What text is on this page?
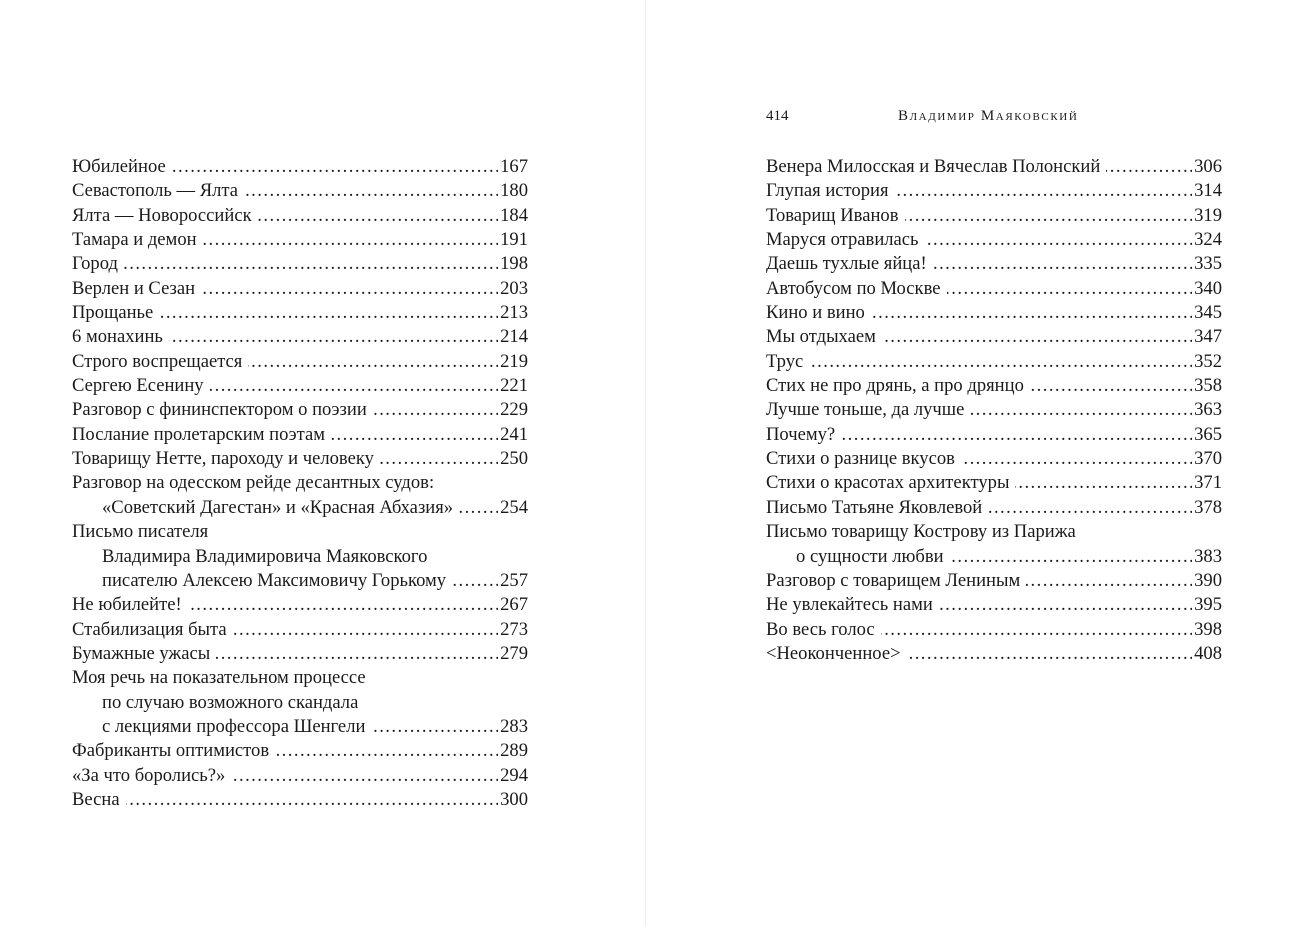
414	Владимир Маяковский
Юбилейное . . .	167
Севастополь — Ялта . . .	180
Ялта — Новороссийск . . .	184
Тамара и демон . . .	191
Город . . .	198
Верлен и Сезан . . .	203
Прощанье . . .	213
6 монахинь . . .	214
Строго воспрещается . . .	219
Сергею Есенину . . .	221
Разговор с фининспектором о поэзии . . .	229
Послание пролетарским поэтам . . .	241
Товарищу Нетте, пароходу и человеку . . .	250
Разговор на одесском рейде десантных судов:
«Советский Дагестан» и «Красная Абхазия» . . .	254
Письмо писателя
Владимира Владимировича Маяковского
писателю Алексею Максимовичу Горькому . . .	257
Не юбилейте! . . .	267
Стабилизация быта . . .	273
Бумажные ужасы . . .	279
Моя речь на показательном процессе
по случаю возможного скандала
с лекциями профессора Шенгели . . .	283
Фабриканты оптимистов . . .	289
«За что боролись?» . . .	294
Весна . . .	300
Венера Милосская и Вячеслав Полонский . . .	306
Глупая история . . .	314
Товарищ Иванов . . .	319
Маруся отравилась . . .	324
Даешь тухлые яйца! . . .	335
Автобусом по Москве . . .	340
Кино и вино . . .	345
Мы отдыхаем . . .	347
Трус . . .	352
Стих не про дрянь, а про дрянцо . . .	358
Лучше тоньше, да лучше . . .	363
Почему? . . .	365
Стихи о разнице вкусов . . .	370
Стихи о красотах архитектуры . . .	371
Письмо Татьяне Яковлевой . . .	378
Письмо товарищу Кострову из Парижа
о сущности любви . . .	383
Разговор с товарищем Лениным . . .	390
Не увлекайтесь нами . . .	395
Во весь голос . . .	398
<Неоконченное> . . .	408
